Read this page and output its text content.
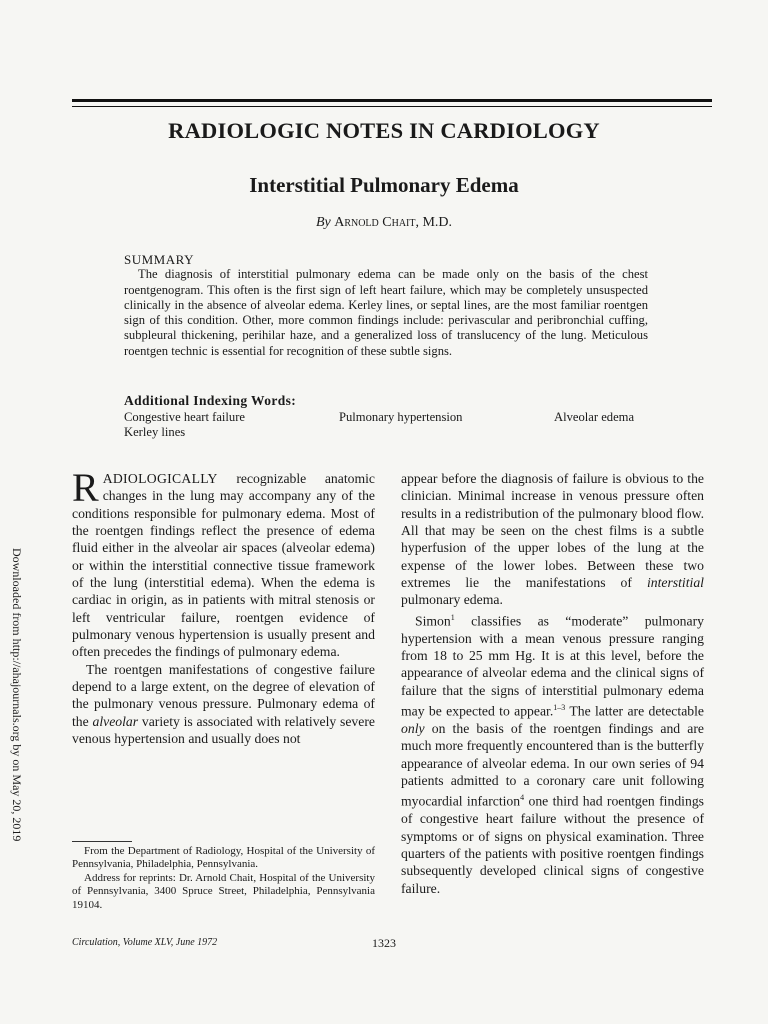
RADIOLOGIC NOTES IN CARDIOLOGY
Interstitial Pulmonary Edema
By Arnold Chait, M.D.
SUMMARY

The diagnosis of interstitial pulmonary edema can be made only on the basis of the chest roentgenogram. This often is the first sign of left heart failure, which may be completely unsuspected clinically in the absence of alveolar edema. Kerley lines, or septal lines, are the most familiar roentgen sign of this condition. Other, more common findings include: perivascular and peribronchial cuffing, subpleural thickening, perihilar haze, and a generalized loss of translucency of the lung. Meticulous roentgen technic is essential for recognition of these subtle signs.

Additional Indexing Words:
Congestive heart failure	Pulmonary hypertension	Alveolar edema
Kerley lines

RADIOLOGICALLY recognizable anatomic changes in the lung may accompany any of the conditions responsible for pulmonary edema. Most of the roentgen findings reflect the presence of edema fluid either in the alveolar air spaces (alveolar edema) or within the interstitial connective tissue framework of the lung (interstitial edema). When the edema is cardiac in origin, as in patients with mitral stenosis or left ventricular failure, roentgen evidence of pulmonary venous hypertension is usually present and often precedes the findings of pulmonary edema.

The roentgen manifestations of congestive failure depend to a large extent, on the degree of elevation of the pulmonary venous pressure. Pulmonary edema of the alveolar variety is associated with relatively severe venous hypertension and usually does not

appear before the diagnosis of failure is obvious to the clinician. Minimal increase in venous pressure often results in a redistribution of the pulmonary blood flow. All that may be seen on the chest films is a subtle hyperfusion of the upper lobes of the lung at the expense of the lower lobes. Between these two extremes lie the manifestations of interstitial pulmonary edema.

Simon$^1$ classifies as “moderate” pulmonary hypertension with a mean venous pressure ranging from 18 to 25 mm Hg. It is at this level, before the appearance of alveolar edema and the clinical signs of failure that the signs of interstitial pulmonary edema may be expected to appear.$^{1-3}$ The latter are detectable only on the basis of the roentgen findings and are much more frequently encountered than is the butterfly appearance of alveolar edema. In our own series of 94 patients admitted to a coronary care unit following myocardial infarction$^4$ one third had roentgen findings of congestive heart failure without the presence of symptoms or of signs on physical examination. Three quarters of the patients with positive roentgen findings subsequently developed clinical signs of congestive failure.

From the Department of Radiology, Hospital of the University of Pennsylvania, Philadelphia, Pennsylvania.

Address for reprints: Dr. Arnold Chait, Hospital of the University of Pennsylvania, 3400 Spruce Street, Philadelphia, Pennsylvania 19104.

Circulation, Volume XLV, June 1972	1323
Downloaded from http://ahajournals.org by on May 20, 2019
